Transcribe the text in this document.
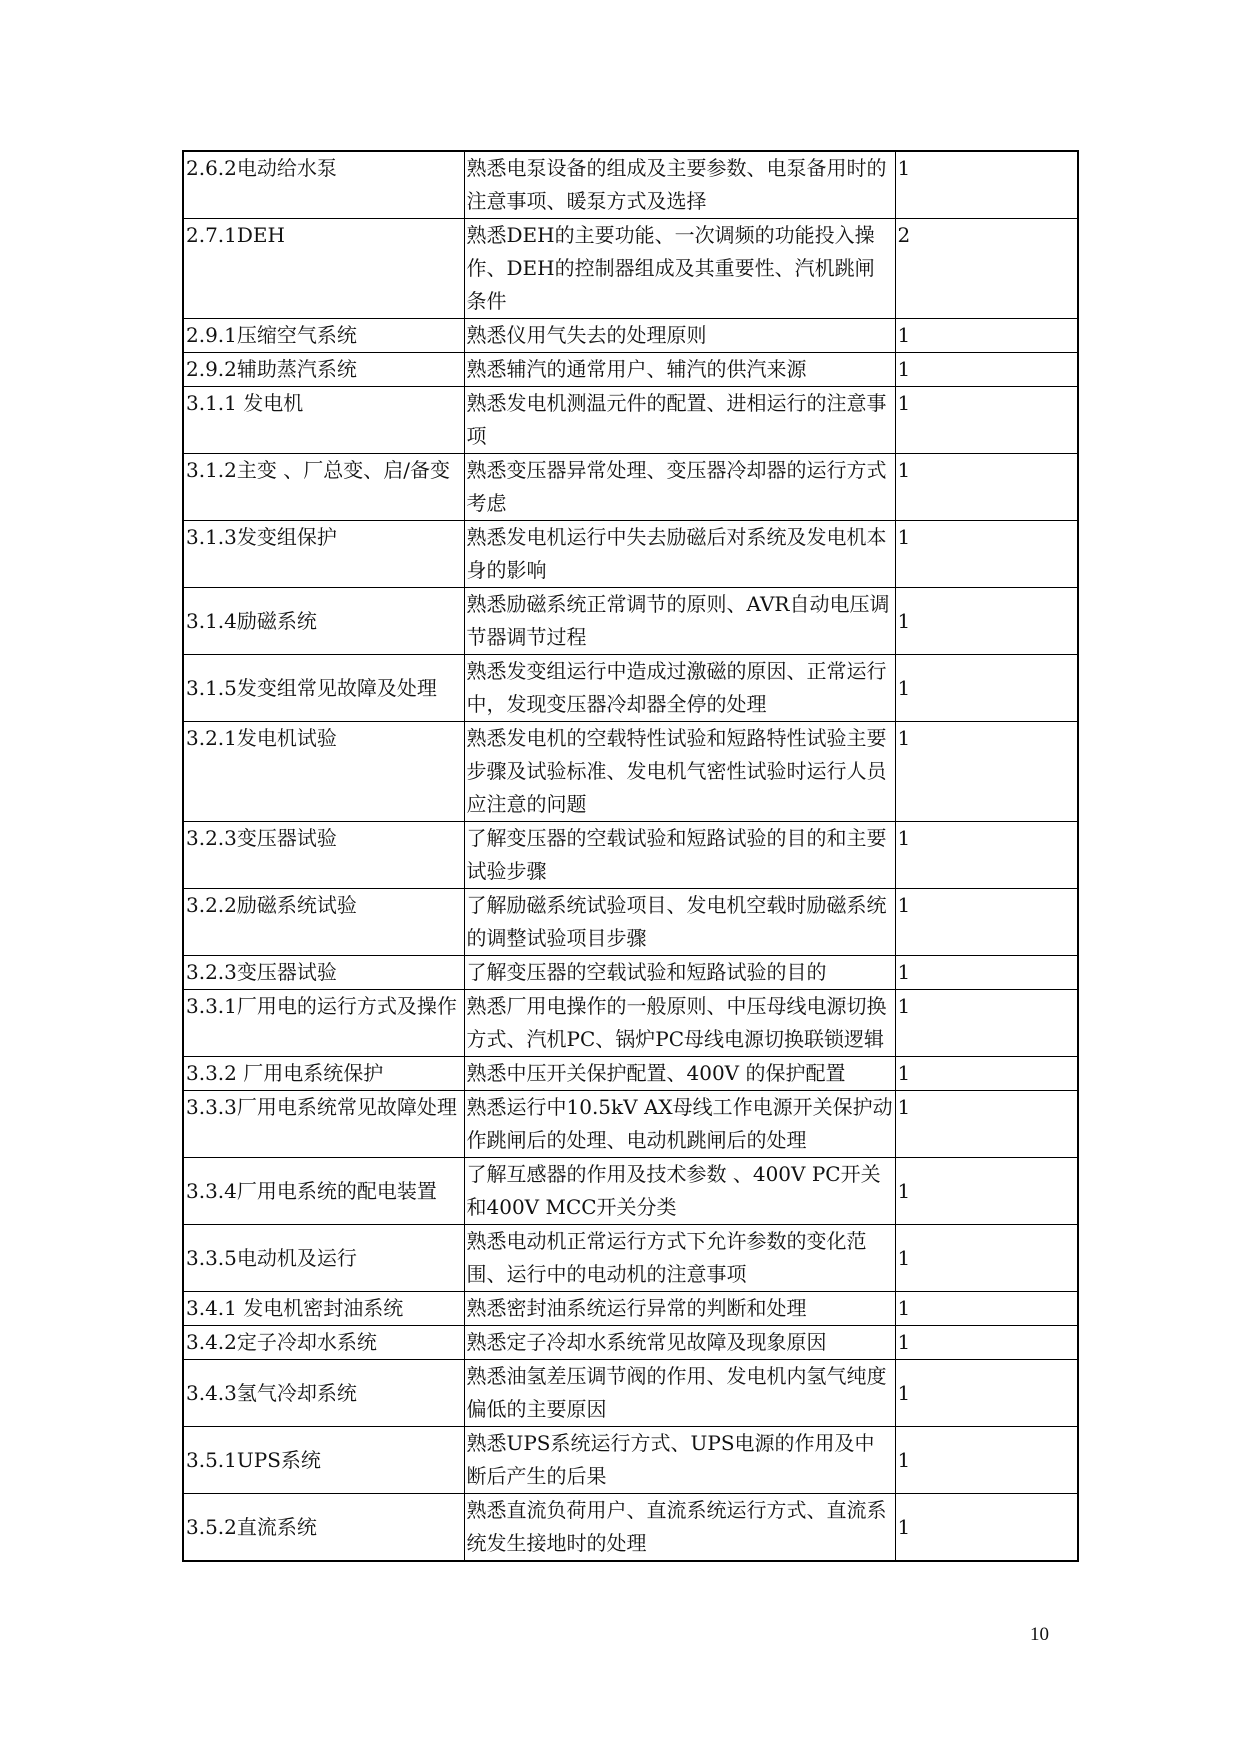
2.6.2电动给水泵	熟悉电泵设备的组成及主要参数、电泵备用时的注意事项、暖泵方式及选择	1
2.7.1DEH	熟悉DEH的主要功能、一次调频的功能投入操作、DEH的控制器组成及其重要性、汽机跳闸条件	2
2.9.1压缩空气系统	熟悉仪用气失去的处理原则	1
2.9.2辅助蒸汽系统	熟悉辅汽的通常用户、辅汽的供汽来源	1
3.1.1 发电机	熟悉发电机测温元件的配置、进相运行的注意事项	1
3.1.2主变 、厂总变、启/备变	熟悉变压器异常处理、变压器冷却器的运行方式考虑	1
3.1.3发变组保护	熟悉发电机运行中失去励磁后对系统及发电机本身的影响	1
3.1.4励磁系统	熟悉励磁系统正常调节的原则、AVR自动电压调节器调节过程	1
3.1.5发变组常见故障及处理	熟悉发变组运行中造成过激磁的原因、正常运行中，发现变压器冷却器全停的处理	1
3.2.1发电机试验	熟悉发电机的空载特性试验和短路特性试验主要步骤及试验标准、发电机气密性试验时运行人员应注意的问题	1
3.2.3变压器试验	了解变压器的空载试验和短路试验的目的和主要试验步骤	1
3.2.2励磁系统试验	了解励磁系统试验项目、发电机空载时励磁系统的调整试验项目步骤	1
3.2.3变压器试验	了解变压器的空载试验和短路试验的目的	1
3.3.1厂用电的运行方式及操作	熟悉厂用电操作的一般原则、中压母线电源切换方式、汽机PC、锅炉PC母线电源切换联锁逻辑	1
3.3.2 厂用电系统保护	熟悉中压开关保护配置、400V 的保护配置	1
3.3.3厂用电系统常见故障处理	熟悉运行中10.5kV AX母线工作电源开关保护动作跳闸后的处理、电动机跳闸后的处理	1
3.3.4厂用电系统的配电装置	了解互感器的作用及技术参数 、400V PC开关和400V MCC开关分类	1
3.3.5电动机及运行	熟悉电动机正常运行方式下允许参数的变化范围、运行中的电动机的注意事项	1
3.4.1 发电机密封油系统	熟悉密封油系统运行异常的判断和处理	1
3.4.2定子冷却水系统	熟悉定子冷却水系统常见故障及现象原因	1
3.4.3氢气冷却系统	熟悉油氢差压调节阀的作用、发电机内氢气纯度偏低的主要原因	1
3.5.1UPS系统	熟悉UPS系统运行方式、UPS电源的作用及中断后产生的后果	1
3.5.2直流系统	熟悉直流负荷用户、直流系统运行方式、直流系统发生接地时的处理	1
10
